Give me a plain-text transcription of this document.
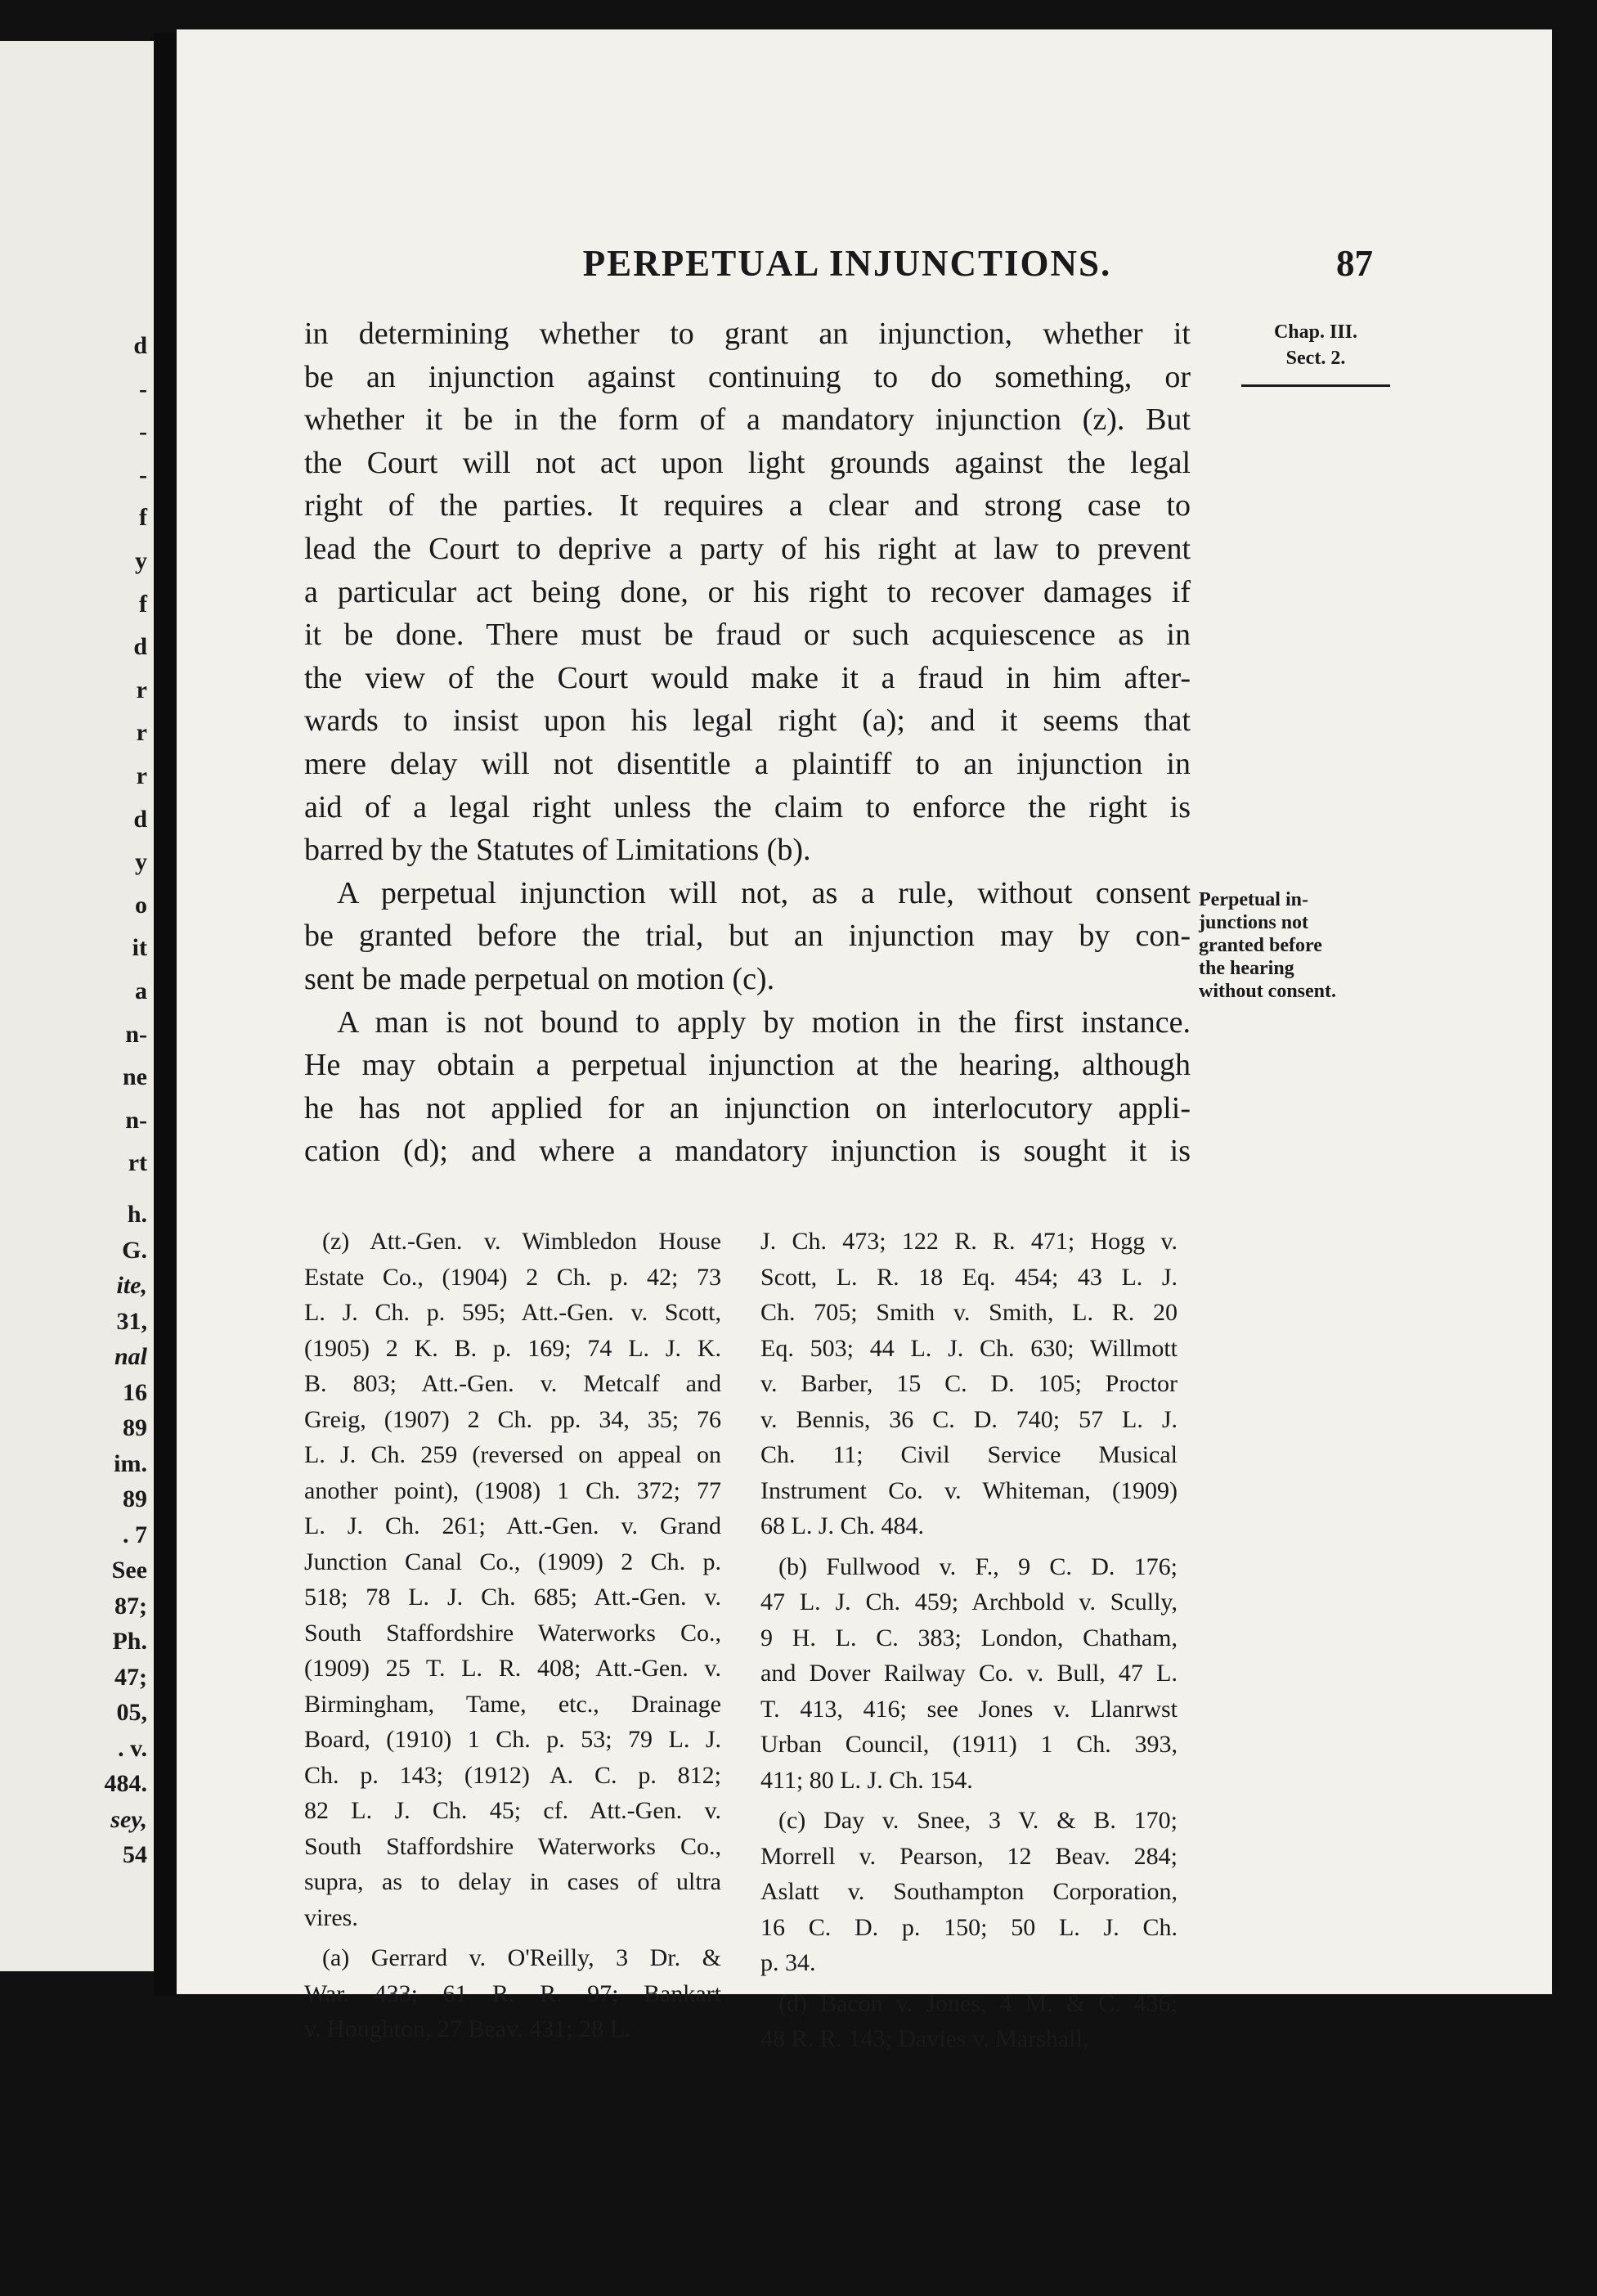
d
-
-
-
f
y
f
d
r
r
r
d
y
o
it
a
n-
ne
n-
rt
h.
G.
ite,
31,
nal
16
89
im.
89
. 7
See
87;
Ph.
47;
05,
. v.
484.
sey,
54
PERPETUAL INJUNCTIONS.	87
Chap. III.
Sect. 2.
Perpetual in-
junctions not
granted before
the hearing
without consent.
in determining whether to grant an injunction, whether it
be an injunction against continuing to do something, or
whether it be in the form of a mandatory injunction (z). But
the Court will not act upon light grounds against the legal
right of the parties. It requires a clear and strong case to
lead the Court to deprive a party of his right at law to prevent
a particular act being done, or his right to recover damages if
it be done. There must be fraud or such acquiescence as in
the view of the Court would make it a fraud in him after-
wards to insist upon his legal right (a); and it seems that
mere delay will not disentitle a plaintiff to an injunction in
aid of a legal right unless the claim to enforce the right is
barred by the Statutes of Limitations (b).
A perpetual injunction will not, as a rule, without consent
be granted before the trial, but an injunction may by con-
sent be made perpetual on motion (c).
A man is not bound to apply by motion in the first instance.
He may obtain a perpetual injunction at the hearing, although
he has not applied for an injunction on interlocutory appli-
cation (d); and where a mandatory injunction is sought it is
(z) Att.-Gen. v. Wimbledon House
Estate Co., (1904) 2 Ch. p. 42; 73
L. J. Ch. p. 595; Att.-Gen. v. Scott,
(1905) 2 K. B. p. 169; 74 L. J. K.
B. 803; Att.-Gen. v. Metcalf and
Greig, (1907) 2 Ch. pp. 34, 35; 76
L. J. Ch. 259 (reversed on appeal on
another point), (1908) 1 Ch. 372; 77
L. J. Ch. 261; Att.-Gen. v. Grand
Junction Canal Co., (1909) 2 Ch. p.
518; 78 L. J. Ch. 685; Att.-Gen. v.
South Staffordshire Waterworks Co.,
(1909) 25 T. L. R. 408; Att.-Gen. v.
Birmingham, Tame, etc., Drainage
Board, (1910) 1 Ch. p. 53; 79 L. J.
Ch. p. 143; (1912) A. C. p. 812;
82 L. J. Ch. 45; cf. Att.-Gen. v.
South Staffordshire Waterworks Co.,
supra, as to delay in cases of ultra
vires.
(a) Gerrard v. O'Reilly, 3 Dr. &
War. 433; 61 R. R. 97; Bankart
v. Houghton, 27 Beav. 431; 28 L.
J. Ch. 473; 122 R. R. 471; Hogg v.
Scott, L. R. 18 Eq. 454; 43 L. J.
Ch. 705; Smith v. Smith, L. R. 20
Eq. 503; 44 L. J. Ch. 630; Willmott
v. Barber, 15 C. D. 105; Proctor
v. Bennis, 36 C. D. 740; 57 L. J.
Ch. 11; Civil Service Musical
Instrument Co. v. Whiteman, (1909)
68 L. J. Ch. 484.
(b) Fullwood v. F., 9 C. D. 176;
47 L. J. Ch. 459; Archbold v. Scully,
9 H. L. C. 383; London, Chatham,
and Dover Railway Co. v. Bull, 47 L.
T. 413, 416; see Jones v. Llanrwst
Urban Council, (1911) 1 Ch. 393,
411; 80 L. J. Ch. 154.
(c) Day v. Snee, 3 V. & B. 170;
Morrell v. Pearson, 12 Beav. 284;
Aslatt v. Southampton Corporation,
16 C. D. p. 150; 50 L. J. Ch.
p. 34.
(d) Bacon v. Jones, 4 M. & C. 436;
48 R. R. 143; Davies v. Marshall,
